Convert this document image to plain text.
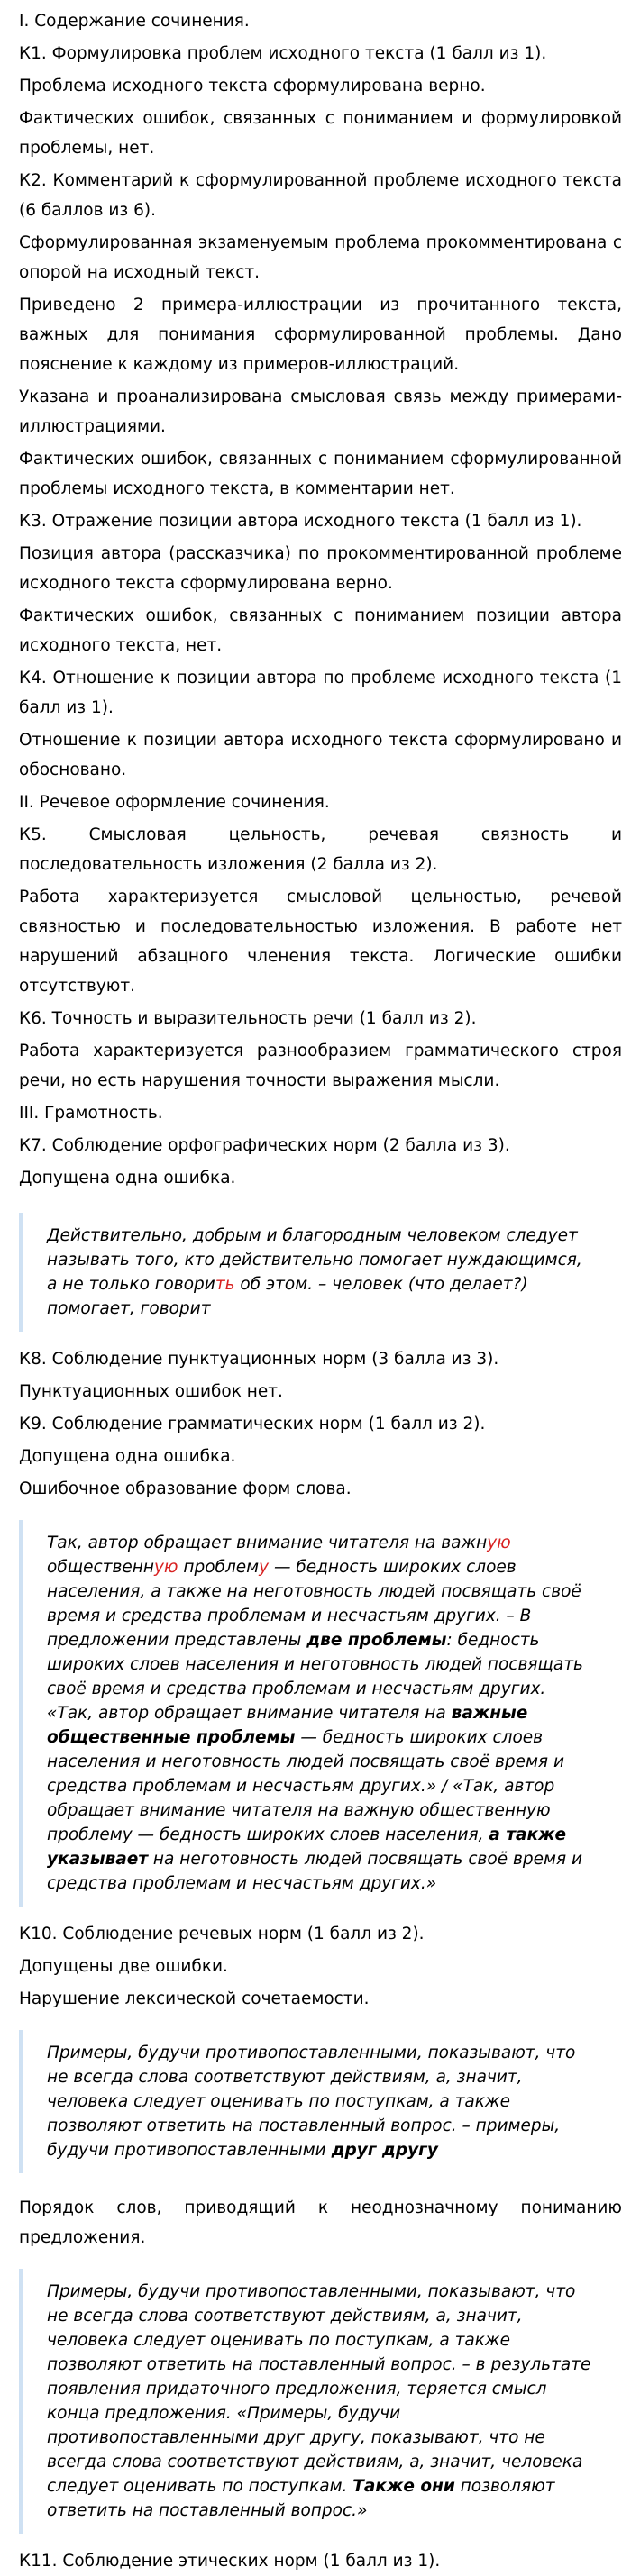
I. Содержание сочинения.

К1. Формулировка проблем исходного текста (1 балл из 1).

Проблема исходного текста сформулирована верно.

Фактических ошибок, связанных с пониманием и формулировкой проблемы, нет.

К2. Комментарий к сформулированной проблеме исходного текста (6 баллов из 6).

Сформулированная экзаменуемым проблема прокомментирована с опорой на исходный текст.

Приведено 2 примера-иллюстрации из прочитанного текста, важных для понимания сформулированной проблемы. Дано пояснение к каждому из примеров-иллюстраций.

Указана и проанализирована смысловая связь между примерами-иллюстрациями.

Фактических ошибок, связанных с пониманием сформулированной проблемы исходного текста, в комментарии нет.

К3. Отражение позиции автора исходного текста (1 балл из 1).

Позиция автора (рассказчика) по прокомментированной проблеме исходного текста сформулирована верно.

Фактических ошибок, связанных с пониманием позиции автора исходного текста, нет.

К4. Отношение к позиции автора по проблеме исходного текста (1 балл из 1).

Отношение к позиции автора исходного текста сформулировано и обосновано.

II. Речевое оформление сочинения.

К5. Смысловая цельность, речевая связность и последовательность изложения (2 балла из 2).

Работа характеризуется смысловой цельностью, речевой связностью и последовательностью изложения. В работе нет нарушений абзацного членения текста. Логические ошибки отсутствуют.

К6. Точность и выразительность речи (1 балл из 2).

Работа характеризуется разнообразием грамматического строя речи, но есть нарушения точности выражения мысли.

III. Грамотность.

К7. Соблюдение орфографических норм (2 балла из 3).

Допущена одна ошибка.

Действительно, добрым и благородным человеком следует называть того, кто действительно помогает нуждающимся, а не только говорить об этом. – человек (что делает?) помогает, говорит

К8. Соблюдение пунктуационных норм (3 балла из 3).

Пунктуационных ошибок нет.

К9. Соблюдение грамматических норм (1 балл из 2).

Допущена одна ошибка.

Ошибочное образование форм слова.

Так, автор обращает внимание читателя на важную общественную проблему — бедность широких слоев населения, а также на неготовность людей посвящать своё время и средства проблемам и несчастьям других. – В предложении представлены две проблемы: бедность широких слоев населения и неготовность людей посвящать своё время и средства проблемам и несчастьям других. «Так, автор обращает внимание читателя на важные общественные проблемы — бедность широких слоев населения и неготовность людей посвящать своё время и средства проблемам и несчастьям других.» / «Так, автор обращает внимание читателя на важную общественную проблему — бедность широких слоев населения, а также указывает на неготовность людей посвящать своё время и средства проблемам и несчастьям других.»

К10. Соблюдение речевых норм (1 балл из 2).

Допущены две ошибки.

Нарушение лексической сочетаемости.

Примеры, будучи противопоставленными, показывают, что не всегда слова соответствуют действиям, а, значит, человека следует оценивать по поступкам, а также позволяют ответить на поставленный вопрос. – примеры, будучи противопоставленными друг другу

Порядок слов, приводящий к неоднозначному пониманию предложения.

Примеры, будучи противопоставленными, показывают, что не всегда слова соответствуют действиям, а, значит, человека следует оценивать по поступкам, а также позволяют ответить на поставленный вопрос. – в результате появления придаточного предложения, теряется смысл конца предложения. «Примеры, будучи противопоставленными друг другу, показывают, что не всегда слова соответствуют действиям, а, значит, человека следует оценивать по поступкам. Также они позволяют ответить на поставленный вопрос.»

К11. Соблюдение этических норм (1 балл из 1).
